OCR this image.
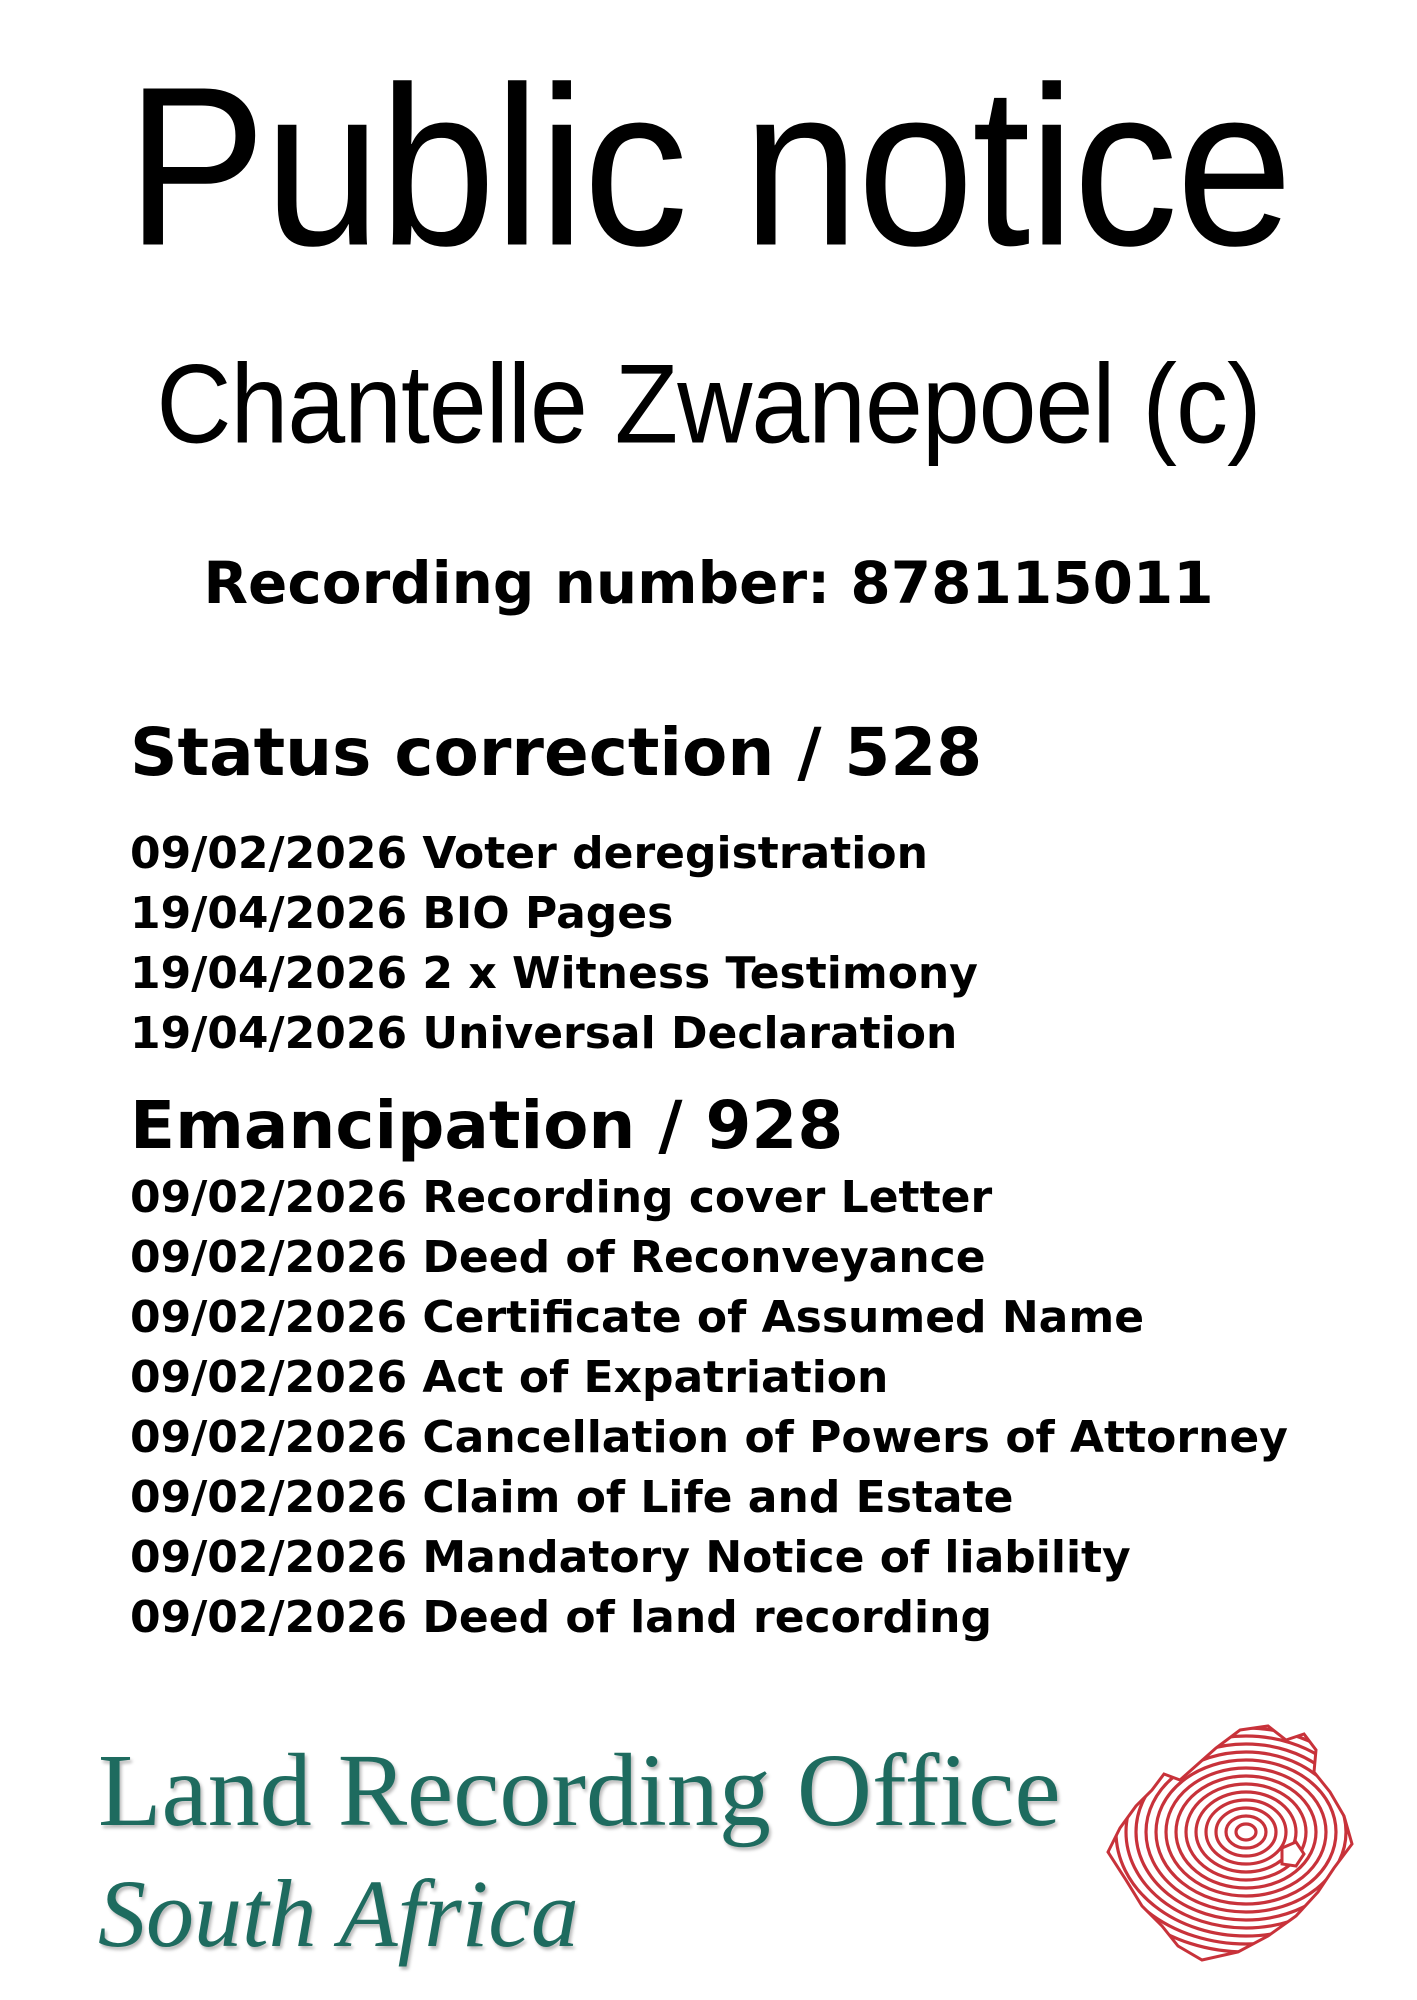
Public notice
Chantelle Zwanepoel (c)
Recording number: 878115011
Status correction / 528
09/02/2026 Voter deregistration
19/04/2026 BIO Pages
19/04/2026 2 x Witness Testimony
19/04/2026 Universal Declaration
Emancipation / 928
09/02/2026 Recording cover Letter
09/02/2026 Deed of Reconveyance
09/02/2026 Certificate of Assumed Name
09/02/2026 Act of Expatriation
09/02/2026 Cancellation of Powers of Attorney
09/02/2026 Claim of Life and Estate
09/02/2026 Mandatory Notice of liability
09/02/2026 Deed of land recording
Land Recording Office
South Africa
